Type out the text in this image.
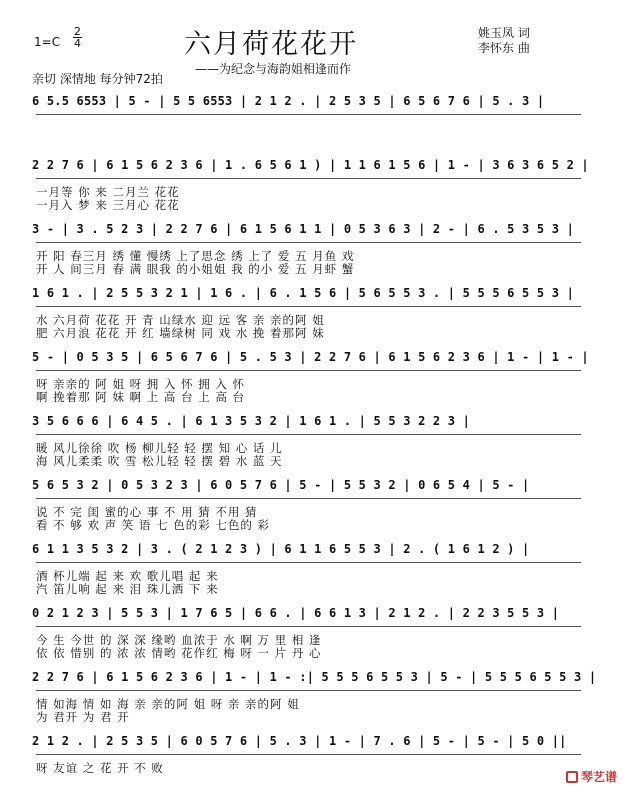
1=C
2
4	六月荷花花开
——为纪念与海韵姐相逢而作
姚玉凤 词
李怀东 曲
亲切 深情地 每分钟72拍
6 5.5 6553 | 5 - | 5 5 6553 | 2 1 2 . | 2 5 3 5 | 6 5 6 7 6 | 5 . 3 |
2 2 7 6 | 6 1 5 6 2 3 6 | 1 . 6 5 6 1 ) | 1 1 6 1 5 6 | 1 - | 3 6 3 6 5 2 |
一月等 你 来 二月兰 花花
一月入 梦 来 三月心 花花
3 - | 3 . 5 2 3 | 2 2 7 6 | 6 1 5 6 1 1 | 0 5 3 6 3 | 2 - | 6 . 5 3 5 3 |
开 阳 春三月 绣 懂 慢绣 上了思念 绣 上了 爱 五 月鱼 戏
开 人 间三月 春 满 眼我 的小姐姐 我 的小 爱 五 月虾 蟹
1 6 1 . | 2 5 5 3 2 1 | 1 6 . | 6 . 1 5 6 | 5 6 5 5 3 . | 5 5 5 6 5 5 3 |
水 六月荷 花花 开 青 山绿水 迎 远 客 亲 亲的阿 姐
肥 六月浪 花花 开 红 墙绿树 同 戏 水 挽 着那阿 妹
5 - | 0 5 3 5 | 6 5 6 7 6 | 5 . 5 3 | 2 2 7 6 | 6 1 5 6 2 3 6 | 1 - | 1 - |
呀 亲亲的 阿 姐 呀 拥 入 怀 拥 入 怀
啊 挽着那 阿 妹 啊 上 高 台 上 高 台
3 5 6 6 6 | 6 4 5 . | 6 1 3 5 3 2 | 1 6 1 . | 5 5 3 2 2 3 |
暖 风儿徐徐 吹 杨 柳儿轻 轻 摆 知 心 话 儿
海 风儿柔柔 吹 雪 松儿轻 轻 摆 碧 水 蓝 天
5 6 5 3 2 | 0 5 3 2 3 | 6 0 5 7 6 | 5 - | 5 5 3 2 | 0 6 5 4 | 5 - |
说 不 完 闺 蜜的心 事 不 用 猜 不用 猜
看 不 够 欢 声 笑 语 七 色的彩 七色的 彩
6 1 1 3 5 3 2 | 3 . ( 2 1 2 3 ) | 6 1 1 6 5 5 3 | 2 . ( 1 6 1 2 ) |
酒 杯儿端 起 来 欢 歌儿唱 起 来
汽 笛儿响 起 来 泪 珠儿洒 下 来
0 2 1 2 3 | 5 5 3 | 1 7 6 5 | 6 6 . | 6 6 1 3 | 2 1 2 . | 2 2 3 5 5 3 |
今 生 今世 的 深 深 缘哟 血浓于 水 啊 万 里 相 逢
依 依 惜别 的 浓 浓 情哟 花作红 梅 呀 一 片 丹 心
2 2 7 6 | 6 1 5 6 2 3 6 | 1 - | 1 - :| 5 5 5 6 5 5 3 | 5 - | 5 5 5 6 5 5 3 |
情 如海 情 如 海 亲 亲的阿 姐 呀 亲 亲的阿 姐
为 君开 为 君 开
2 1 2 . | 2 5 3 5 | 6 0 5 7 6 | 5 . 3 | 1 - | 7 . 6 | 5 - | 5 - | 5 0 ||
呀 友谊 之 花 开 不 败
琴艺谱
